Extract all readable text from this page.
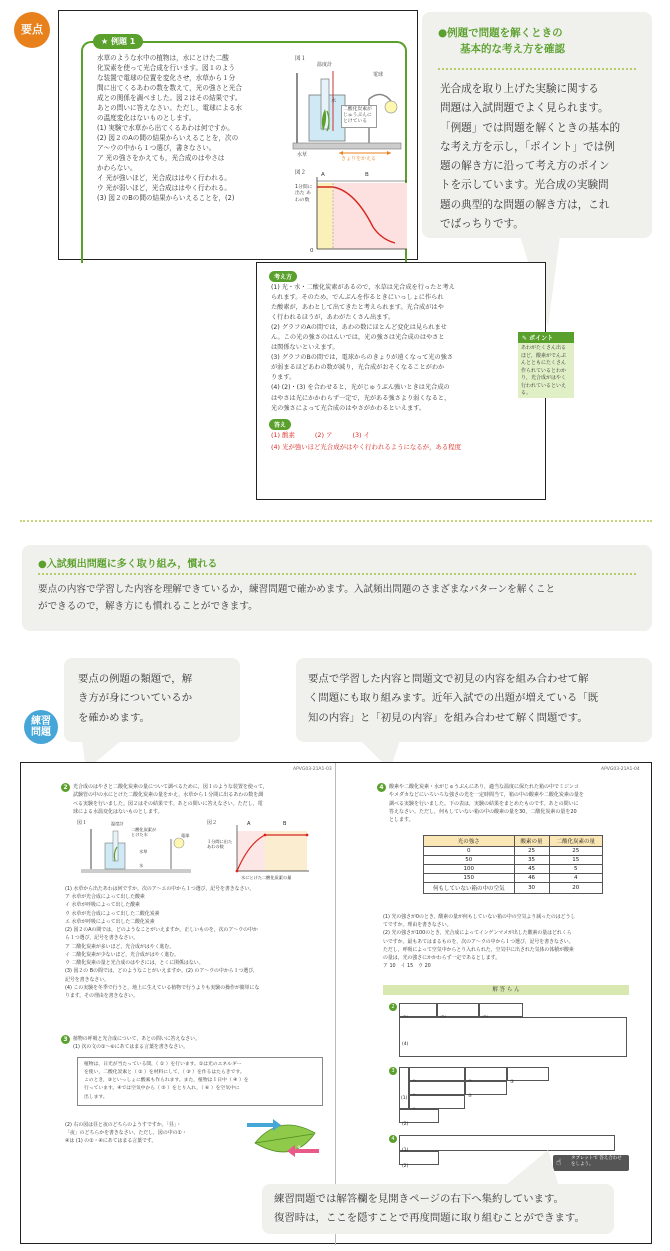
要点
★ 例題 1
水草のような水中の植物は，水にとけた二酸
化炭素を使って光合成を行います。図１のよう
な装置で電球の位置を変化させ，水草から１分
間に出てくるあわの数を数えて，光の強さと光合
成との関係を調べました。図２はその結果です。
あとの問いに答えなさい。ただし，電球による水
の温度変化はないものとします。
(1) 実験で水草から出てくるあわは何ですか。
(2) 図２のAの間の結果からいえることを，次の
ア〜ウの中から１つ選び，書きなさい。
ア 光の強さをかえても，光合成のはやさは
かわらない。
イ 光が強いほど，光合成ははやく行われる。
ウ 光が弱いほど，光合成ははやく行われる。
(3) 図２のBの間の結果からいえることを，(2)
図１
温度計
電球
水
二酸化炭素が じゅうぶんに とけている
水草
きょりをかえる
図２
1分間に 出た あわの数
A	B
0
●例題で問題を解くときの
基本的な考え方を確認
光合成を取り上げた実験に関する
問題は入試問題でよく見られます。
「例題」では問題を解くときの基本的
な考え方を示し，「ポイント」では例
題の解き方に沿って考え方のポイン
トを示しています。光合成の実験問
題の典型的な問題の解き方は，これ
でばっちりです。
考え方
(1) 光・水・二酸化炭素があるので，水草は光合成を行ったと考え
られます。そのため，でんぷんを作るときにいっしょに作られ
た酸素が，あわとして出てきたと考えられます。光合成がはや
く行われるほうが，あわがたくさん出ます。
(2) グラフのAの間では，あわの数にほとんど変化は見られませ
ん。この光の強さのはんいでは，光の強さは光合成のはやさと
は関係ないといえます。
(3) グラフのBの間では，電球からのきょりが遠くなって光の強さ
が弱まるほどあわの数が減り，光合成がおそくなることがわか
ります。
(4) (2)・(3) を合わせると，光がじゅうぶん強いときは光合成の
はやさは光にかかわらず一定で，光がある強さより弱くなると，
光の強さによって光合成のはやさがかわるといえます。
答え
(1) 酸素	(2) ア	(3) イ
(4) 光が強いほど光合成がはやく行われるようになるが，ある程度
✎ ポイント
あわがたくさん出る
ほど，酸素がでんぷ
んとともにたくさん
作られているとわか
り，光合成がはやく
行われているといえ
る。
●入試頻出問題に多く取り組み，慣れる
要点の内容で学習した内容を理解できているか，練習問題で確かめます。入試頻出問題のさまざまなパターンを解くこと
ができるので，解き方にも慣れることができます。
要点の例題の類題で，解
き方が身についているか
を確かめます。
要点で学習した内容と問題文で初見の内容を組み合わせて解
く問題にも取り組みます。近年入試での出題が増えている「既
知の内容」と「初見の内容」を組み合わせて解く問題です。
練習問題
APVG03-21A1-03	APVG03-21A1-04
2	光合成のはやさと二酸化炭素の量について調べるために，図１のような装置を使って，
試験管の中の水にとけた二酸化炭素の量をかえ，水草から１分間に出るあわの数を調
べる実験を行いました。図２はその結果です。あとの問いに答えなさい。ただし，電
球による水温変化はないものとします。
図１	温度計
二酸化炭素が とけた水	電球
水草
水
図２
１分間に出た あわの数
A	B
水にとけた二酸化炭素の量
(1) 水草から出たあわは何ですか。次のア〜エの中から１つ選び，記号を書きなさい。
ア 水草が光合成によって出した酸素
イ 水草が呼吸によって出した酸素
ウ 水草が光合成によって出した二酸化炭素
エ 水草が呼吸によって出した二酸化炭素
(2) 図２のAの間では，どのようなことがいえますか。正しいものを，次のア〜ウの中か
ら１つ選び，記号を書きなさい。
ア 二酸化炭素が多いほど，光合成がはやく進む。
イ 二酸化炭素が少ないほど，光合成がはやく進む。
ウ 二酸化炭素の量と光合成のはやさには，とくに関係はない。
(3) 図２の Bの間では，どのようなことがいえますか。(2) のア〜ウの中から１つ選び，
記号を書きなさい。
(4) この実験を冬季で行うと，地上に生えている植物で行うよりも実験の操作が簡単にな
ります。その理由を書きなさい。
3	植物の呼吸と光合成について，あとの問いに答えなさい。
(1) 次の文の①〜⑥にあてはまる言葉を書きなさい。
植物は，日光が当たっている間，（ ① ）を行います。①は光のエネルギー
を使い，二酸化炭素と（ ② ）を材料にして，（ ③ ）を作るはたらきです。
このとき，③といっしょに酸素も作られます。また，植物は１日中（ ④ ）を
行っています。④では空気中から（ ⑤ ）をとり入れ，（ ⑥ ）を空気中に
出します。
(2) 右の図は昼と夜のどちらのようすですか。「昼」・
「夜」のどちらかを書きなさい。ただし，図の中の①・
④は (1) の①・④にあてはまる言葉です。
①
④
4	酸素や二酸化炭素・水がじゅうぶんにあり，適当な温度に保たれた箱の中でミジンコ
やメダカなどにいろいろな強さの光を一定時間当て，箱の中の酸素や二酸化炭素の量を
調べる実験を行いました。下の表は，実験の結果をまとめたものです。あとの問いに
答えなさい。ただし，何もしていない箱の中の酸素の量を30，二酸化炭素の量を20
とします。
光の強さ	酸素の量	二酸化炭素の量
0	25	25
50	35	15
100	45	5
150	46	4
何もしていない箱の中の空気	30	20
(1) 光の強さが0のとき，酸素の量が何もしていない箱の中の空気より減ったのはどうし
てですか。理由を書きなさい。
(2) 光の強さが100のとき，光合成によってインゲンマメが出した酸素の量はどれくら
いですか。最もあてはまるものを，次のア〜ウの中から１つ選び，記号を書きなさい。
ただし，呼吸によって空気中からとり入れられた，空気中に出された気体の体積が酸素
の量は，光の強さにかかわらず一定であるとします。
ア 10　イ 15　ウ 20
解 答 ら ん
2
$_{(4)}$
3
$_{(1)}$
③
⑤
(2)
4
(2)	☝ タブレットで 答え合わせをしよう。
練習問題では解答欄を見開きページの右下へ集約しています。
復習時は，ここを隠すことで再度問題に取り組むことができます。
